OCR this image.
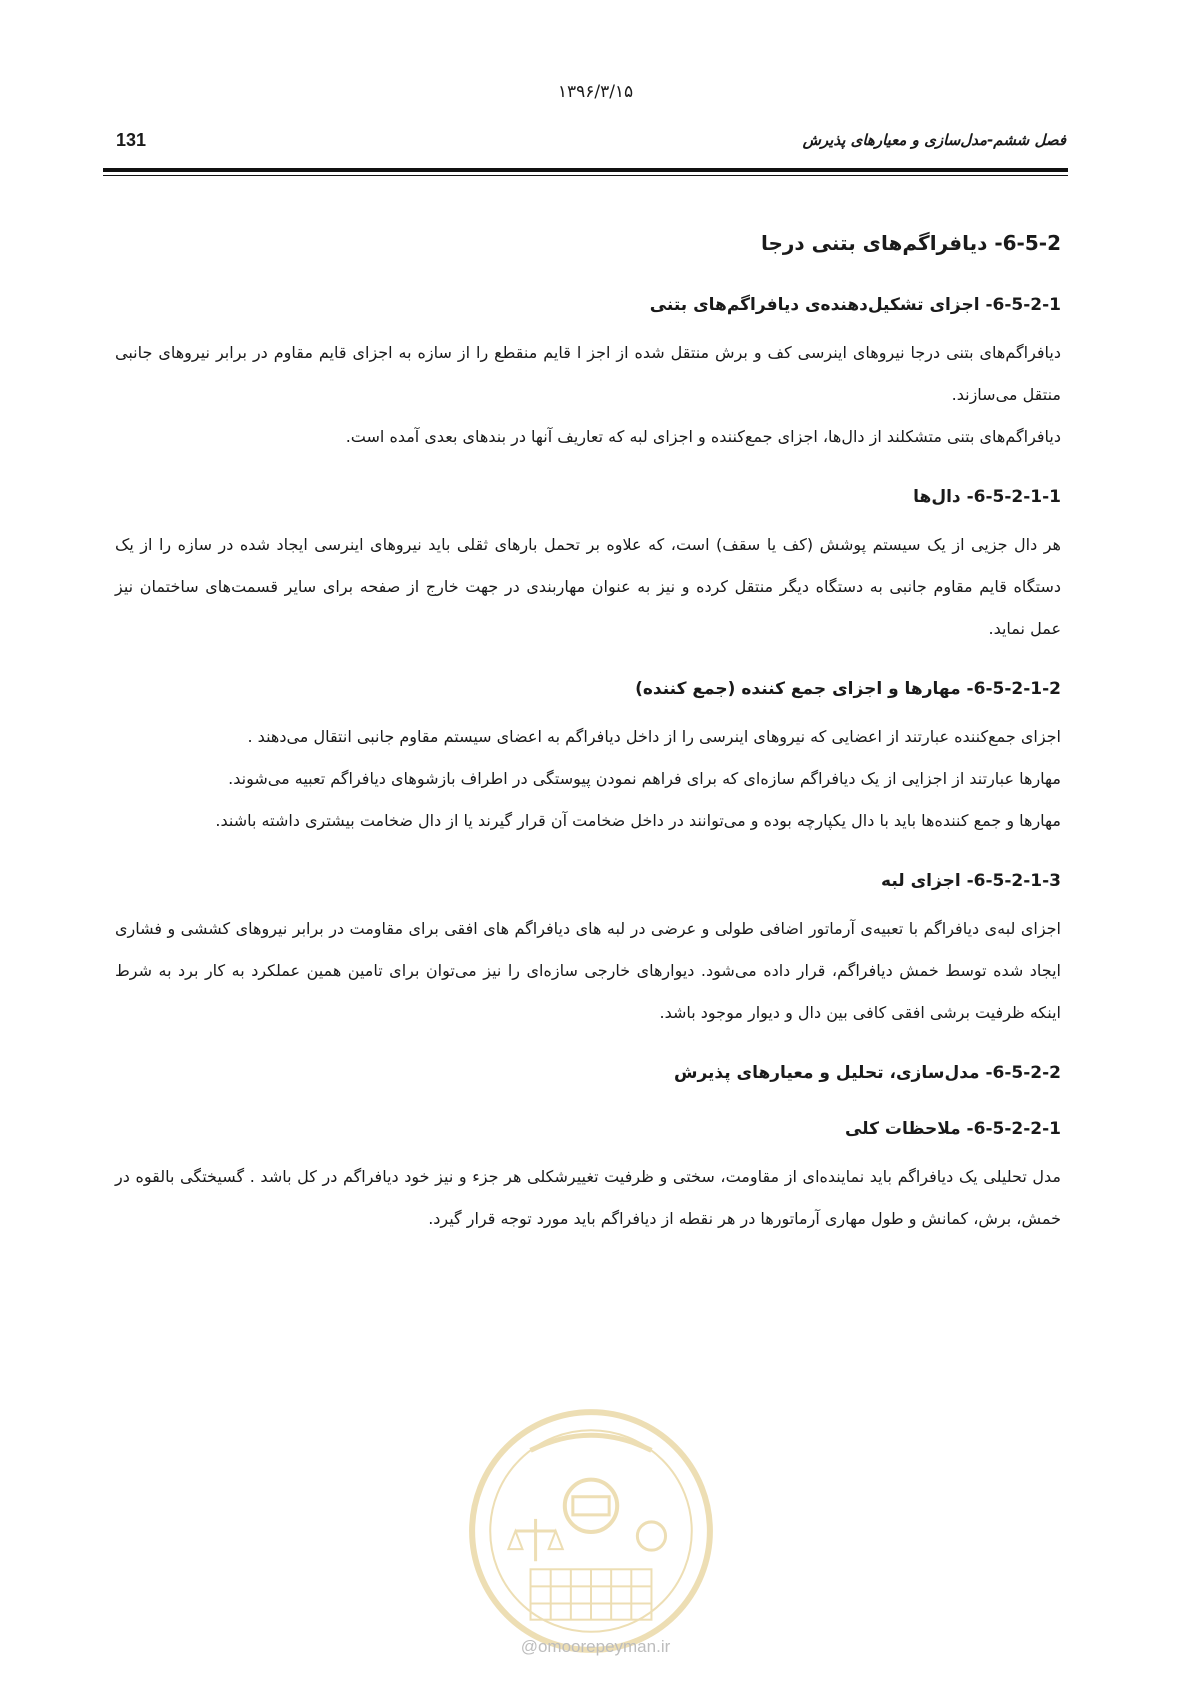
۱۳۹۶/۳/۱۵
131	فصل ششم-مدل‌سازی و معیارهای پذیرش
6-5-2- دیافراگم‌های بتنی درجا
6-5-2-1- اجزای تشکیل‌دهنده‌ی دیافراگم‌های بتنی

دیافراگم‌های بتنی درجا نیروهای اینرسی کف و برش منتقل شده از اجز ا قایم منقطع را از سازه به اجزای قایم مقاوم در برابر نیروهای جانبی منتقل می‌سازند.

دیافراگم‌های بتنی متشکلند از دال‌ها، اجزای جمع‌کننده و اجزای لبه که تعاریف آنها در بندهای بعدی آمده است.

6-5-2-1-1- دال‌ها

هر دال جزیی از یک سیستم پوشش (کف یا سقف) است، که علاوه بر تحمل بارهای ثقلی باید نیروهای اینرسی ایجاد شده در سازه را از یک دستگاه قایم مقاوم جانبی به دستگاه دیگر منتقل کرده و نیز به عنوان مهاربندی در جهت خارج از صفحه برای سایر قسمت‌های ساختمان نیز عمل نماید.

6-5-2-1-2- مهارها و اجزای جمع کننده (جمع کننده)

اجزای جمع‌کننده عبارتند از اعضایی که نیروهای اینرسی را از داخل دیافراگم به اعضای سیستم مقاوم جانبی انتقال می‌دهند .

مهارها عبارتند از اجزایی از یک دیافراگم سازه‌ای که برای فراهم نمودن پیوستگی در اطراف بازشوهای دیافراگم تعبیه می‌شوند.

مهارها و جمع کننده‌ها باید با دال یکپارچه بوده و می‌توانند در داخل ضخامت آن قرار گیرند یا از دال ضخامت بیشتری داشته باشند.

6-5-2-1-3- اجزای لبه

اجزای لبه‌ی دیافراگم با تعبیه‌ی آرماتور اضافی طولی و عرضی در لبه های دیافراگم های افقی برای مقاومت در برابر نیروهای کششی و فشاری ایجاد شده توسط خمش دیافراگم، قرار داده می‌شود. دیوارهای خارجی سازه‌ای را نیز می‌توان برای تامین همین عملکرد به کار برد به شرط اینکه ظرفیت برشی افقی کافی بین دال و دیوار موجود باشد.

6-5-2-2- مدل‌سازی، تحلیل و معیارهای پذیرش
6-5-2-2-1- ملاحظات کلی

مدل تحلیلی یک دیافراگم باید نماینده‌ای از مقاومت، سختی و ظرفیت تغییرشکلی هر جزء و نیز خود دیافراگم در کل باشد . گسیختگی بالقوه در خمش، برش، کمانش و طول مهاری آرماتورها در هر نقطه از دیافراگم باید مورد توجه قرار گیرد.

@omoorepeyman.ir
